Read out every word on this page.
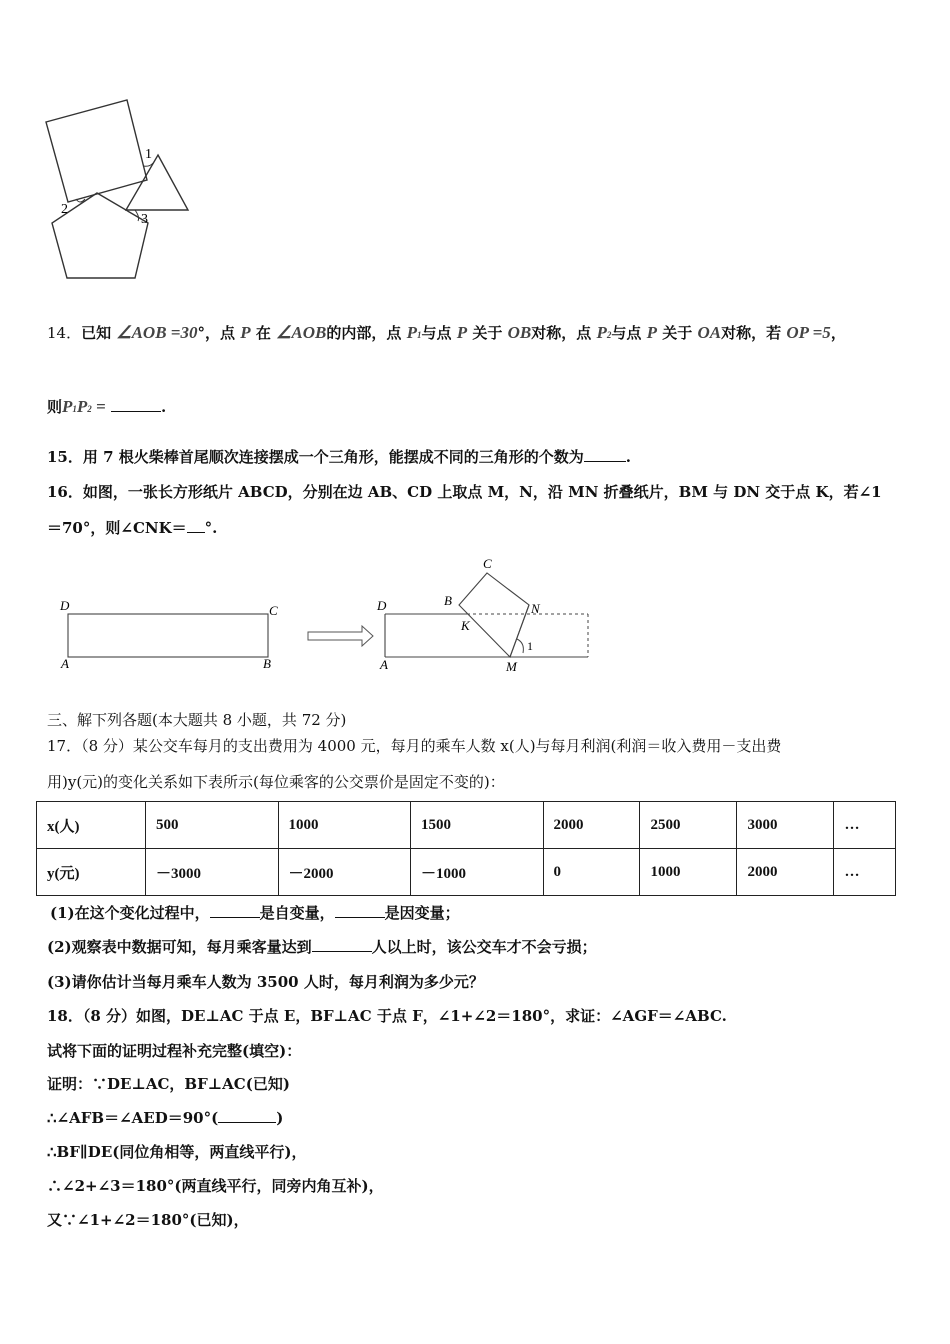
1
2
3
14．已知 ∠AOB =30°，点 P 在 ∠AOB的内部，点 P1与点 P 关于 OB对称，点 P2与点 P 关于 OA对称，若 OP =5，
则P1P2 =	.
15．用 7 根火柴棒首尾顺次连接摆成一个三角形，能摆成不同的三角形的个数为	.
16．如图，一张长方形纸片 ABCD，分别在边 AB、CD 上取点 M，N，沿 MN 折叠纸片，BM 与 DN 交于点 K，若∠1
＝70°，则∠CNK＝ °.
D	C
A	B
C
D	B
K
N
A	M
1
三、解下列各题(本大题共 8 小题，共 72 分)
17．（8 分）某公交车每月的支出费用为 4000 元，每月的乘车人数 x(人)与每月利润(利润＝收入费用－支出费
用)y(元)的变化关系如下表所示(每位乘客的公交票价是固定不变的)：
x(人)	500	1000	1500	2000	2500	3000	…
y(元)	－3000	－2000	－1000	0	1000	2000	…
(1)在这个变化过程中，	是自变量，	是因变量；
(2)观察表中数据可知，每月乘客量达到	人以上时，该公交车才不会亏损；
(3)请你估计当每月乘车人数为 3500 人时，每月利润为多少元？
18．（8 分）如图，DE⊥AC 于点 E，BF⊥AC 于点 F，∠1+∠2＝180°，求证：∠AGF＝∠ABC.
试将下面的证明过程补充完整(填空)：
证明：∵DE⊥AC，BF⊥AC(已知)
∴∠AFB＝∠AED＝90°(	)
∴BF∥DE(同位角相等，两直线平行)，
∴∠2+∠3＝180°(两直线平行，同旁内角互补)，
又∵∠1+∠2＝180°(已知)，
